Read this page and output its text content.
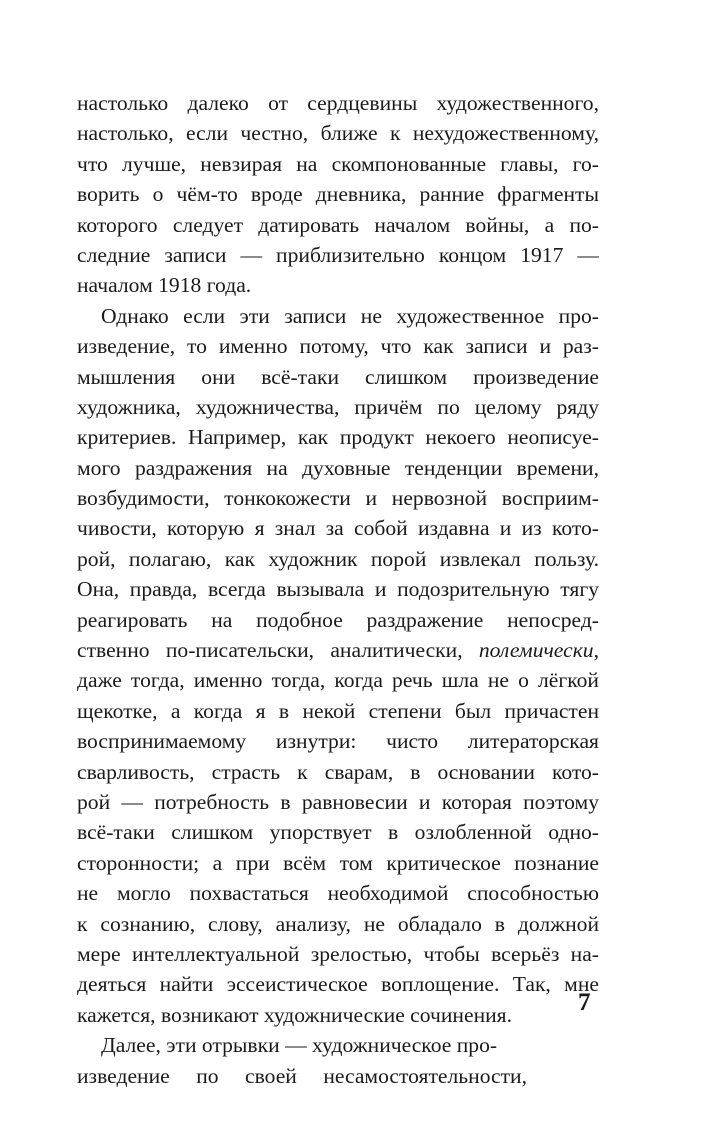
настолько далеко от сердцевины художественного,
настолько, если честно, ближе к нехудожественному,
что лучше, невзирая на скомпонованные главы, го-
ворить о чём-то вроде дневника, ранние фрагменты
которого следует датировать началом войны, а по-
следние записи — приблизительно концом 1917 —
началом 1918 года.
Однако если эти записи не художественное про-
изведение, то именно потому, что как записи и раз-
мышления они всё-таки слишком произведение
художника, художничества, причём по целому ряду
критериев. Например, как продукт некоего неописуе-
мого раздражения на духовные тенденции времени,
возбудимости, тонкокожести и нервозной восприим-
чивости, которую я знал за собой издавна и из кото-
рой, полагаю, как художник порой извлекал пользу.
Она, правда, всегда вызывала и подозрительную тягу
реагировать на подобное раздражение непосред-
ственно по-писательски, аналитически, полемически,
даже тогда, именно тогда, когда речь шла не о лёгкой
щекотке, а когда я в некой степени был причастен
воспринимаемому изнутри: чисто литераторская
сварливость, страсть к сварам, в основании кото-
рой — потребность в равновесии и которая поэтому
всё-таки слишком упорствует в озлобленной одно-
сторонности; а при всём том критическое познание
не могло похвастаться необходимой способностью
к сознанию, слову, анализу, не обладало в должной
мере интеллектуальной зрелостью, чтобы всерьёз на-
деяться найти эссеистическое воплощение. Так, мне
кажется, возникают художнические сочинения.
Далее, эти отрывки — художническое про-
изведение по своей несамостоятельности,
7
